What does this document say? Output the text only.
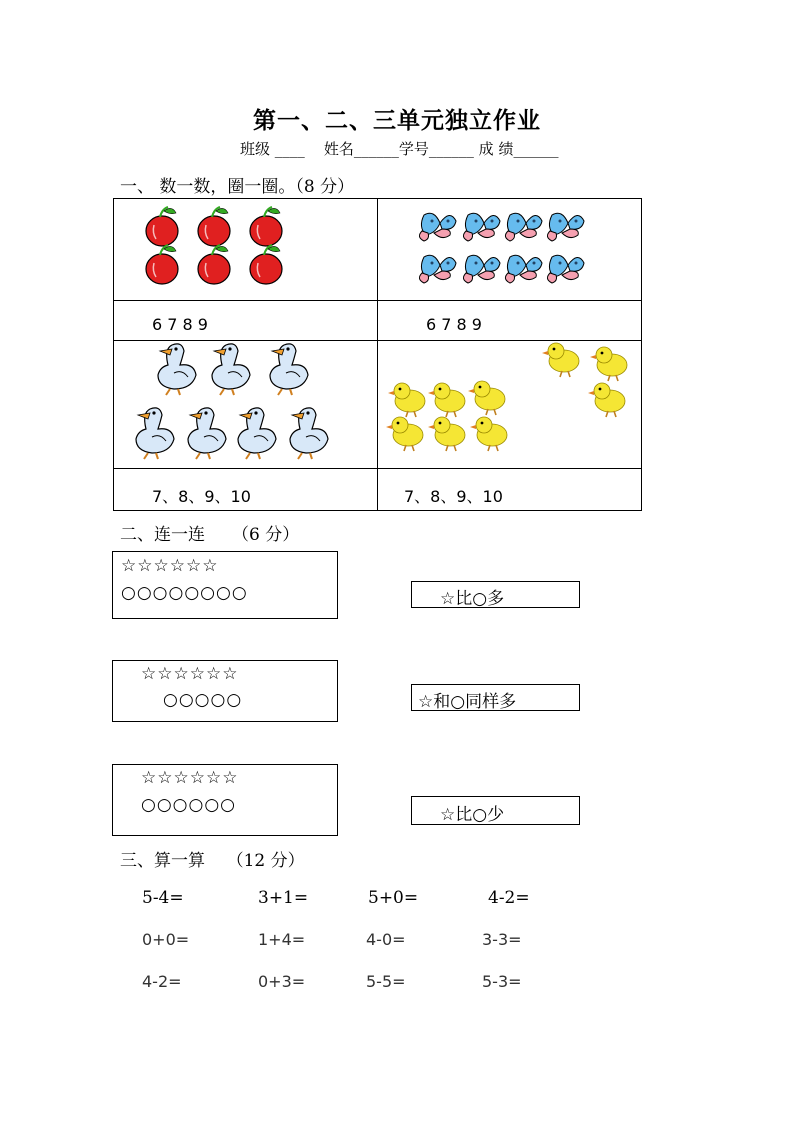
第一、二、三单元独立作业
班级 ____ 姓名______学号______ 成 绩______
一、 数一数，圈一圈。（8 分）
6 7 8 9	6 7 8 9
7、8、9、10	7、8、9、10
二、连一连     （6 分）
☆☆☆☆☆☆
○○○○○○○○	☆比○多
☆☆☆☆☆☆
○○○○○	☆和○同样多
☆☆☆☆☆☆
○○○○○○	☆比○少
三、算一算    （12 分）
5-4=	3+1=	5+0=	4-2=
0+0=	1+4=	4-0=	3-3=
4-2=	0+3=	5-5=	5-3=
